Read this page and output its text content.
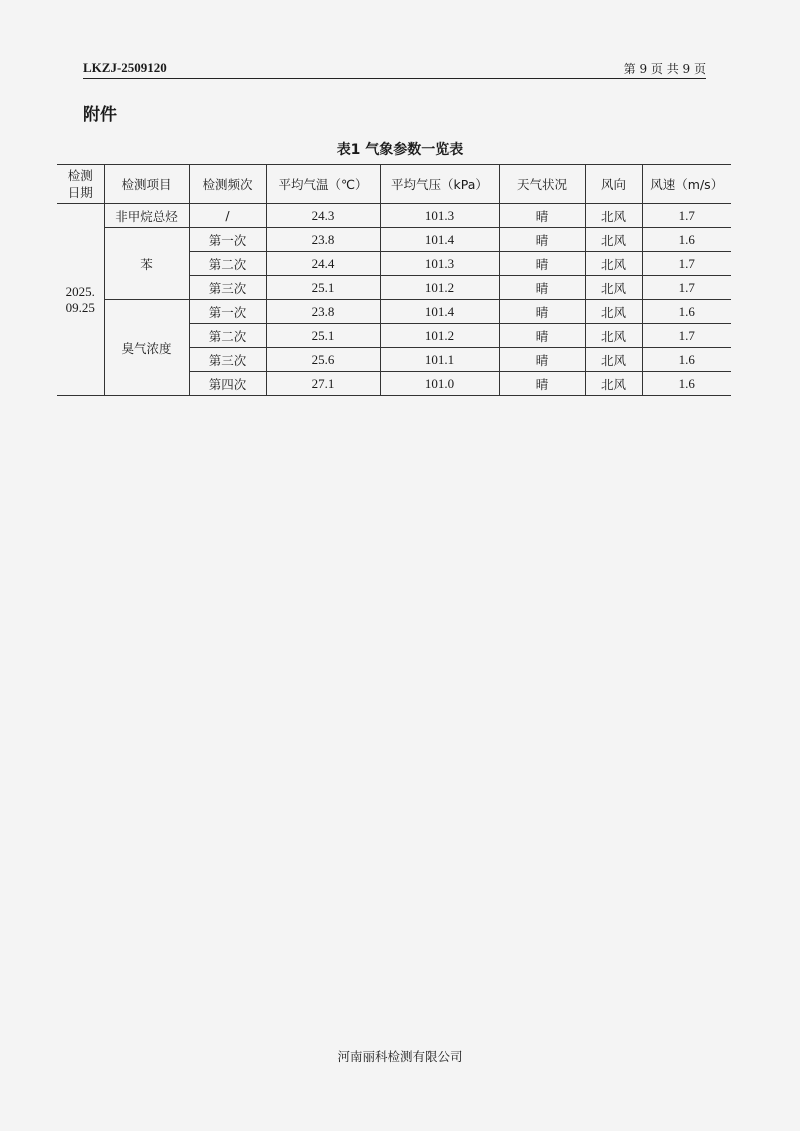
LKZJ-2509120	第 9 页 共 9 页
附件
表1 气象参数一览表
检测
日期	检测项目	检测频次	平均气温（℃）	平均气压（kPa）	天气状况	风向	风速（m/s）
2025.
09.25	非甲烷总烃	/	24.3	101.3	晴	北风	1.7
	苯	第一次	23.8	101.4	晴	北风	1.6
		第二次	24.4	101.3	晴	北风	1.7
		第三次	25.1	101.2	晴	北风	1.7
	臭气浓度	第一次	23.8	101.4	晴	北风	1.6
		第二次	25.1	101.2	晴	北风	1.7
		第三次	25.6	101.1	晴	北风	1.6
		第四次	27.1	101.0	晴	北风	1.6
河南丽科检测有限公司
